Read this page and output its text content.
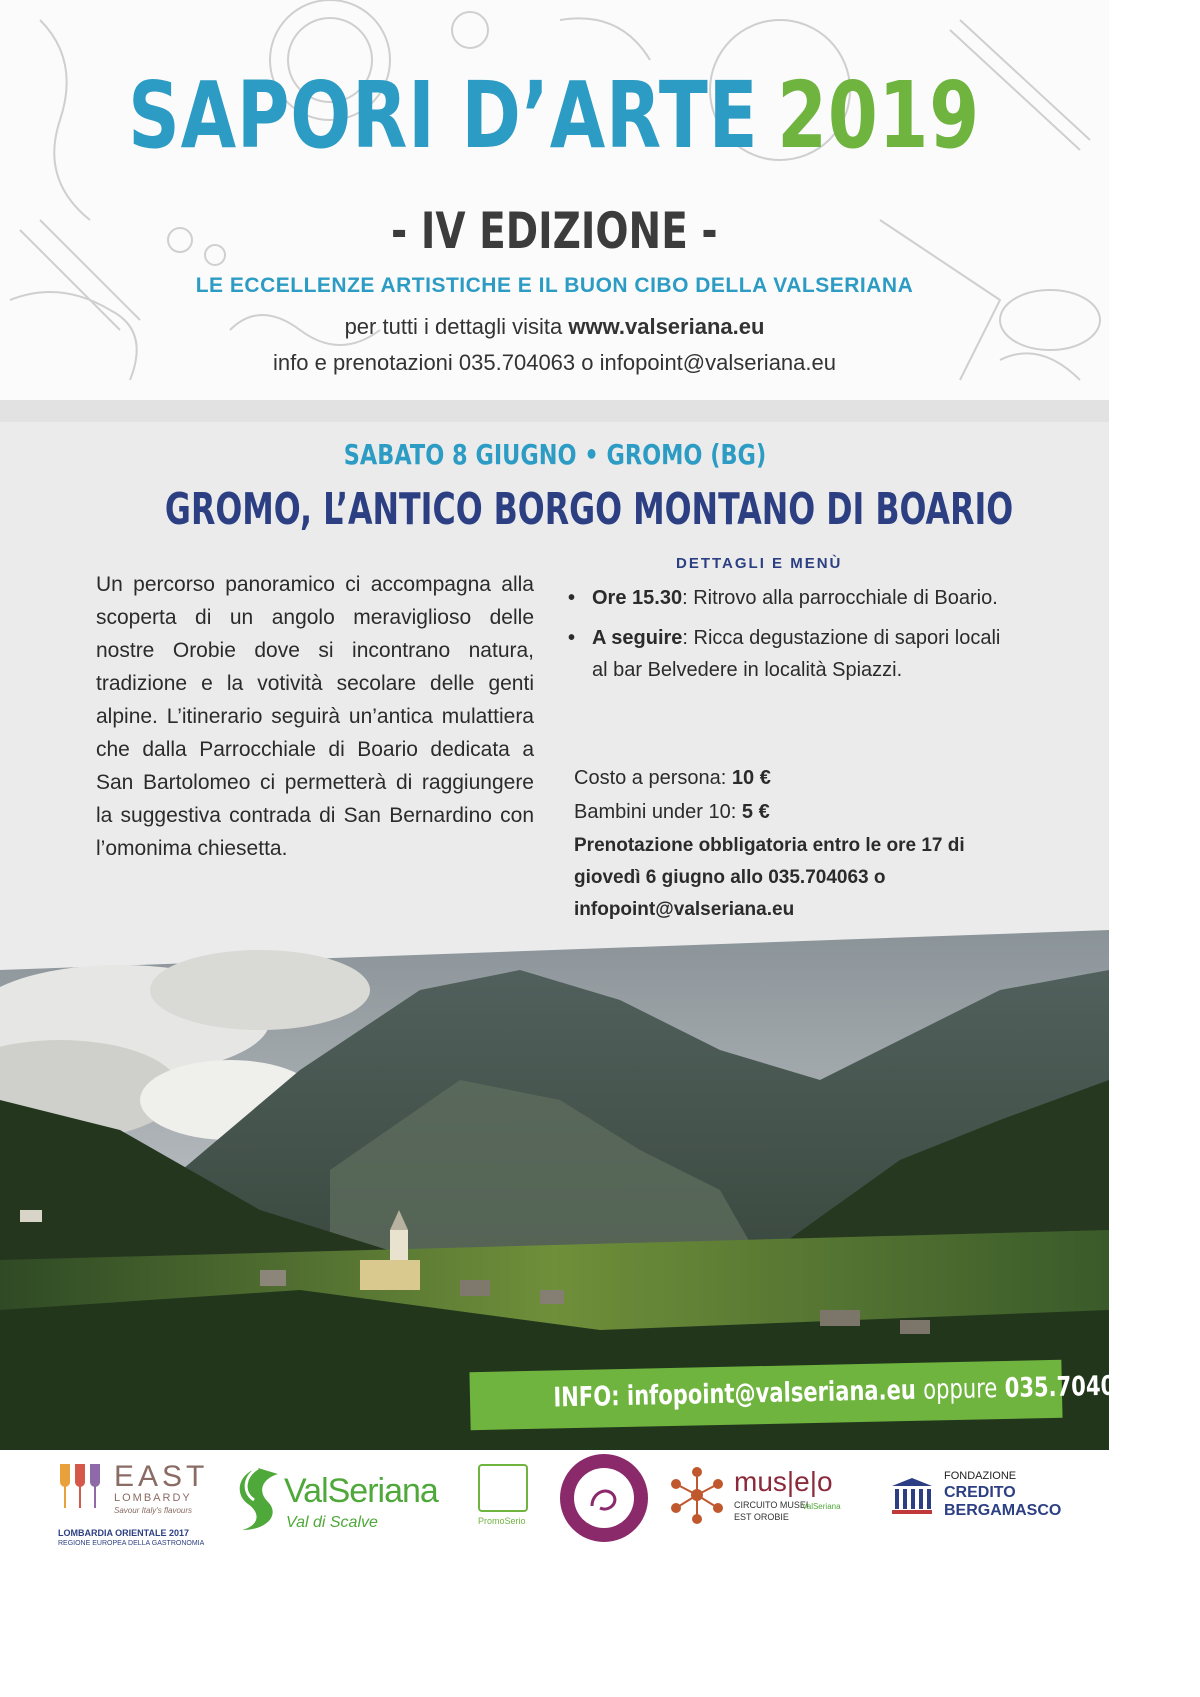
SAPORI D’ARTE 2019
- IV EDIZIONE -
LE ECCELLENZE ARTISTICHE E IL BUON CIBO DELLA VALSERIANA
per tutti i dettagli visita www.valseriana.eu
info e prenotazioni 035.704063 o infopoint@valseriana.eu
SABATO 8 GIUGNO • GROMO (BG)
GROMO, L’ANTICO BORGO MONTANO DI BOARIO

Un percorso panoramico ci accompagna alla scoperta di un angolo meraviglioso delle nostre Orobie dove si incontrano natura, tradizione e la votività secolare delle genti alpine. L’itinerario seguirà un’antica mulattiera che dalla Parrocchiale di Boario dedicata a San Bartolomeo ci permetterà di raggiungere la suggestiva contrada di San Bernardino con l’omonima chiesetta.

DETTAGLI E MENÙ
• Ore 15.30: Ritrovo alla parrocchiale di Boario.
• A seguire: Ricca degustazione di sapori locali al bar Belvedere in località Spiazzi.
Costo a persona: 10 €
Bambini under 10: 5 €
Prenotazione obbligatoria entro le ore 17 di giovedì 6 giugno allo 035.704063 o infopoint@valseriana.eu
INFO: infopoint@valseriana.eu oppure 035.704063
EAST
LOMBARDY
Savour Italy's flavours
LOMBARDIA ORIENTALE 2017
REGIONE EUROPEA DELLA GASTRONOMIA
ValSeriana
Val di Scalve	PromoSerio
mus|e|o
CIRCUITO MUSEI
EST OROBIE
ValSeriana
FONDAZIONE
CREDITO
BERGAMASCO
